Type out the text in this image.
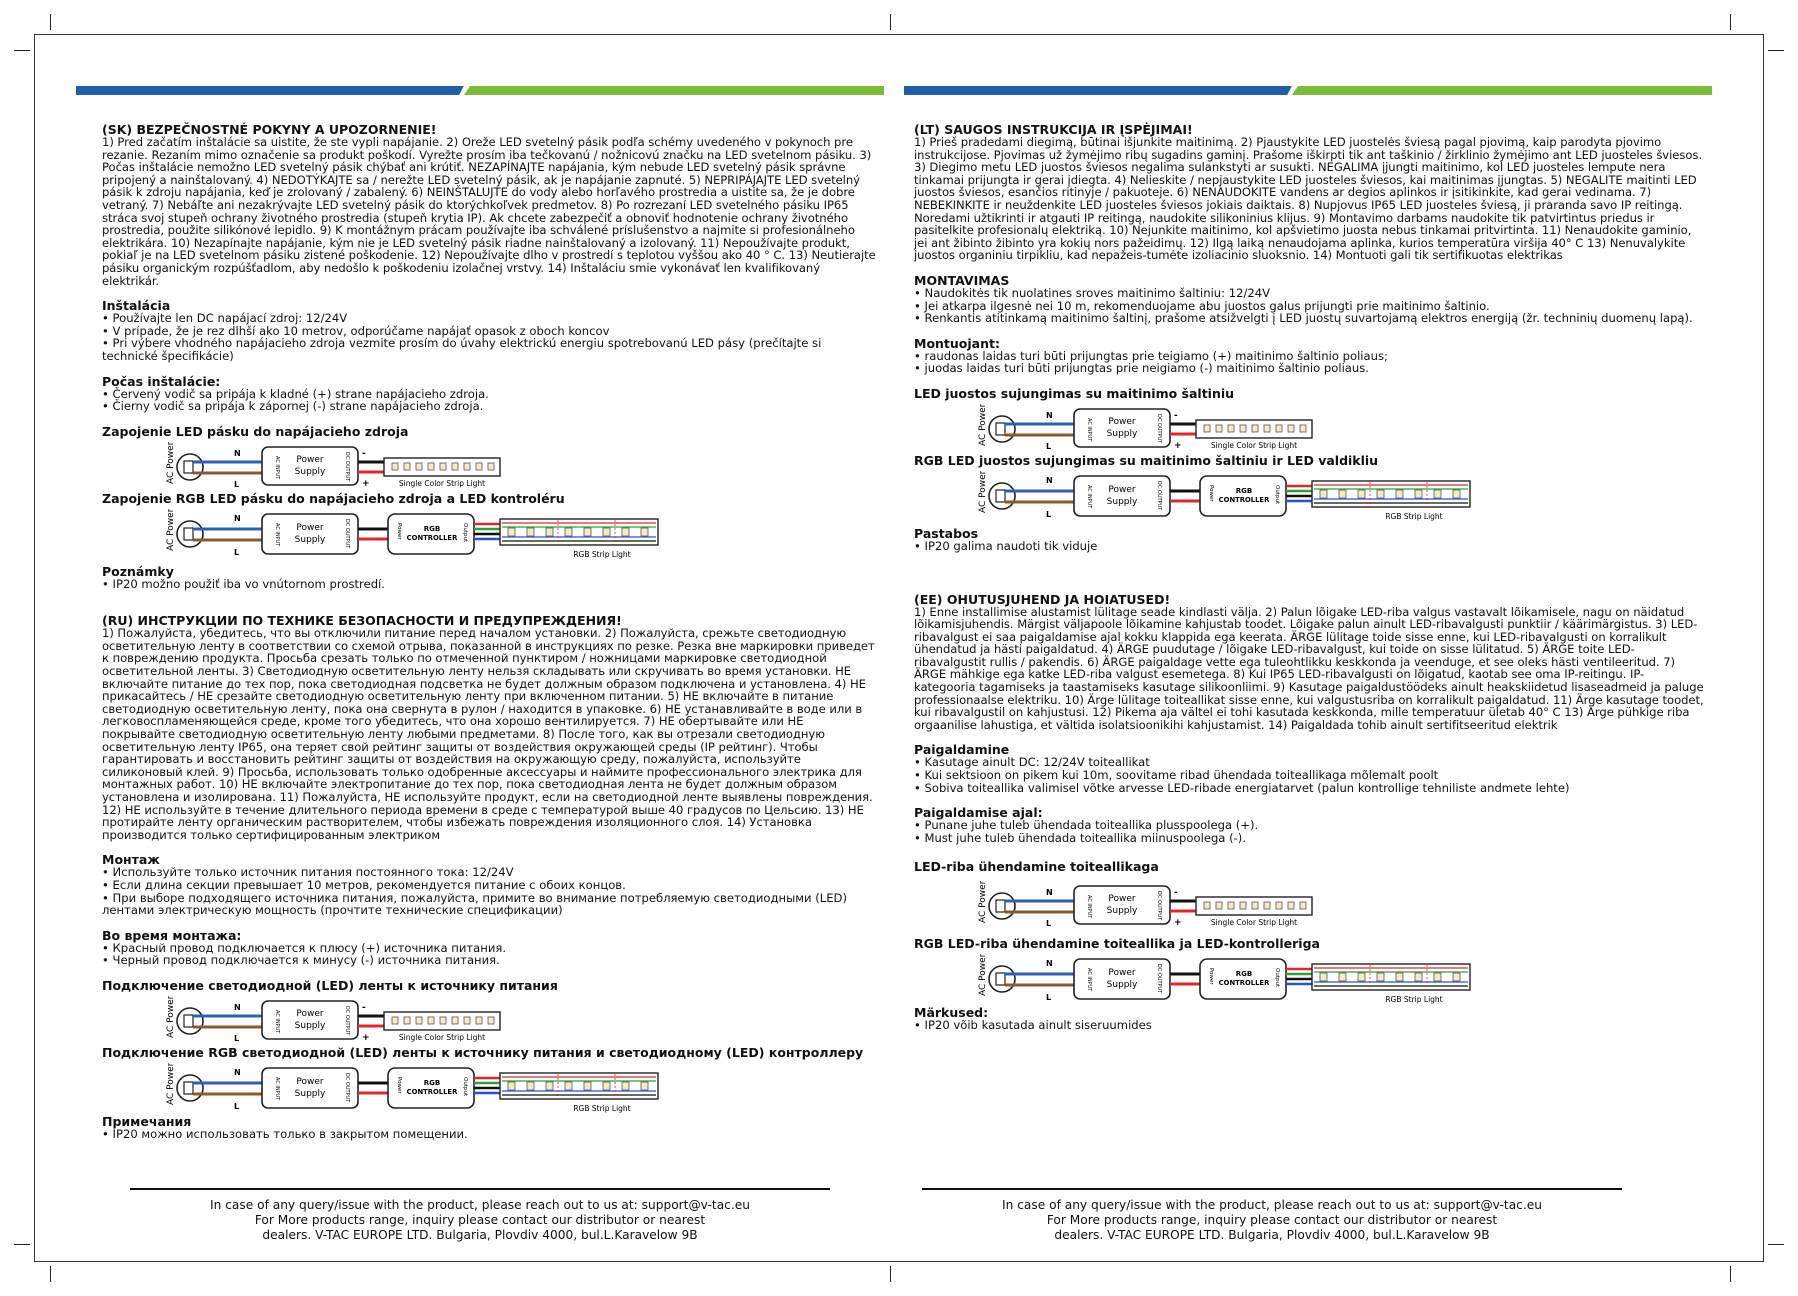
(SK) BEZPEČNOSTNÉ POKYNY A UPOZORNENIE!

1) Pred začatím inštalácie sa uistite, že ste vypli napájanie. 2) Oreže LED svetelný pásik podľa schémy uvedeného v pokynoch pre rezanie. Rezaním mimo označenie sa produkt poškodí. Vyrežte prosím iba tečkovanú / nožnicovú značku na LED svetelnom pásiku. 3) Počas inštalácie nemožno LED svetelný pásik chýbať ani krútiť. NEZAPÍNAJTE napájania, kým nebude LED svetelný pásik správne pripojený a nainštalovaný. 4) NEDOTÝKAJTE sa / nerežte LED svetelný pásik, ak je napájanie zapnuté. 5) NEPRIPÁJAJTE LED svetelný pásik k zdroju napájania, keď je zrolovaný / zabalený. 6) NEINŠTALUJTE do vody alebo horľavého prostredia a uistite sa, že je dobre vetraný. 7) Nebáľte ani nezakrývajte LED svetelný pásik do ktorýchkoľvek predmetov. 8) Po rozrezaní LED svetelného pásiku IP65 stráca svoj stupeň ochrany životného prostredia (stupeň krytia IP). Ak chcete zabezpečiť a obnoviť hodnotenie ochrany životného prostredia, použite silikónové lepidlo. 9) K montážnym prácam používajte iba schválené príslušenstvo a najmite si profesionálneho elektrikára. 10) Nezapínajte napájanie, kým nie je LED svetelný pásik riadne nainštalovaný a izolovaný. 11) Nepoužívajte produkt, pokiaľ je na LED svetelnom pásiku zistené poškodenie. 12) Nepoužívajte dlho v prostredí s teplotou vyššou ako 40 ° C. 13) Neutierajte pásiku organickým rozpúšťadlom, aby nedošlo k poškodeniu izolačnej vrstvy. 14) Inštaláciu smie vykonávať len kvalifikovaný elektrikár.

Inštalácia
• Používajte len DC napájací zdroj: 12/24V
• V prípade, že je rez dlhší ako 10 metrov, odporúčame napájať opasok z oboch koncov
• Pri výbere vhodného napájacieho zdroja vezmite prosím do úvahy elektrickú energiu spotrebovanú LED pásy (prečítajte si technické špecifikácie)
Počas inštalácie:
• Červený vodič sa pripája k kladné (+) strane napájacieho zdroja.
• Čierny vodič sa pripája k zápornej (-) strane napájacieho zdroja.
Zapojenie LED pásku do napájacieho zdroja
AC Power	N
L
AC INPUT Power
Supply	DC OUTPUT -
+	Single Color Strip Light
Zapojenie RGB LED pásku do napájacieho zdroja a LED kontroléru
AC Power	N
L
AC INPUT Power
Supply	DC OUTPUT	Power	RGB
CONTROLLER Output
RGB Strip Light
Poznámky
• IP20 možno použiť iba vo vnútornom prostredí.
(RU) ИНСТРУКЦИИ ПО ТЕХНИКЕ БЕЗОПАСНОСТИ И ПРЕДУПРЕЖДЕНИЯ!

1) Пожалуйста, убедитесь, что вы отключили питание перед началом установки. 2) Пожалуйста, срежьте светодиодную осветительную ленту в соответствии со схемой отрыва, показанной в инструкциях по резке. Резка вне маркировки приведет к повреждению продукта. Просьба срезать только по отмеченной пунктиром / ножницами маркировке светодиодной осветительной ленты. 3) Светодиодную осветительную ленту нельзя складывать или скручивать во время установки. НЕ включайте питание до тех пор, пока светодиодная подсветка не будет должным образом подключена и установлена. 4) НЕ прикасайтесь / НЕ срезайте светодиодную осветительную ленту при включенном питании. 5) НЕ включайте в питание светодиодную осветительную ленту, пока она свернута в рулон / находится в упаковке. 6) НЕ устанавливайте в воде или в легковоспламеняющейся среде, кроме того убедитесь, что она хорошо вентилируется. 7) НЕ обертывайте или НЕ покрывайте светодиодную осветительную ленту любыми предметами. 8) После того, как вы отрезали светодиодную осветительную ленту IP65, она теряет свой рейтинг защиты от воздействия окружающей среды (IP рейтинг). Чтобы гарантировать и восстановить рейтинг защиты от воздействия на окружающую среду, пожалуйста, используйте силиконовый клей. 9) Просьба, использовать только одобренные аксессуары и наймите профессионального электрика для монтажных работ. 10) НЕ включайте электропитание до тех пор, пока светодиодная лента не будет должным образом установлена и изолирована. 11) Пожалуйста, НЕ используйте продукт, если на светодиодной ленте выявлены повреждения. 12) НЕ используйте в течение длительного периода времени в среде с температурой выше 40 градусов по Цельсию. 13) НЕ протирайте ленту органическим растворителем, чтобы избежать повреждения изоляционного слоя. 14) Установка производится только сертифицированным электриком

Монтаж
• Используйте только источник питания постоянного тока: 12/24V
• Если длина секции превышает 10 метров, рекомендуется питание с обоих концов.
• При выборе подходящего источника питания, пожалуйста, примите во внимание потребляемую светодиодными (LED) лентами электрическую мощность (прочтите технические спецификации)
Во время монтажа:
• Красный провод подключается к плюсу (+) источника питания.
• Черный провод подключается к минусу (-) источника питания.
Подключение светодиодной (LED) ленты к источнику питания
AC Power	N
L
AC INPUT Power
Supply	DC OUTPUT -
+	Single Color Strip Light
Подключение RGB светодиодной (LED) ленты к источнику питания и светодиодному (LED) контроллеру
AC Power	N
L
AC INPUT Power
Supply	DC OUTPUT	Power	RGB
CONTROLLER Output
RGB Strip Light
Примечания
• IP20 можно использовать только в закрытом помещении.
(LT) SAUGOS INSTRUKCIJA IR ĮSPĖJIMAI!

1) Prieš pradedami diegimą, būtinai išjunkite maitinimą. 2) Pjaustykite LED juostelės šviesą pagal pjovimą, kaip parodyta pjovimo instrukcijose. Pjovimas už žymėjimo ribų sugadins gaminį. Prašome iškirpti tik ant taškinio / žirklinio žymėjimo ant LED juosteles šviesos. 3) Diegimo metu LED juostos šviesos negalima sulankstyti ar susukti. NEGALIMA įjungti maitinimo, kol LED juosteles lempute nera tinkamai prijungta ir gerai įdiegta. 4) Nelieskite / nepjaustykite LED juosteles šviesos, kai maitinimas įjungtas. 5) NEGALITE maitinti LED juostos šviesos, esančios ritinyje / pakuoteje. 6) NENAUDOKITE vandens ar degios aplinkos ir įsitikinkite, kad gerai vedinama. 7) NEBEKINKITE ir neuždenkite LED juosteles šviesos jokiais daiktais. 8) Nupjovus IP65 LED juosteles šviesą, ji praranda savo IP reitingą. Noredami užtikrinti ir atgauti IP reitingą, naudokite silikoninius klijus. 9) Montavimo darbams naudokite tik patvirtintus priedus ir pasitelkite profesionalų elektriką. 10) Nejunkite maitinimo, kol apšvietimo juosta nebus tinkamai pritvirtinta. 11) Nenaudokite gaminio, jei ant žibinto žibinto yra kokių nors pažeidimų. 12) Ilgą laiką nenaudojama aplinka, kurios temperatūra viršija 40° C 13) Nenuvalykite juostos organiniu tirpikliu, kad nepažeis-tumėte izoliacinio sluoksnio. 14) Montuoti gali tik sertifikuotas elektrikas

MONTAVIMAS
• Naudokitės tik nuolatines sroves maitinimo šaltiniu: 12/24V
• Jei atkarpa ilgesnė nei 10 m, rekomenduojame abu juostos galus prijungti prie maitinimo šaltinio.
• Renkantis atitinkamą maitinimo šaltinį, prašome atsižvelgti į LED juostų suvartojamą elektros energiją (žr. techninių duomenų lapą).
Montuojant:
• raudonas laidas turi būti prijungtas prie teigiamo (+) maitinimo šaltinio poliaus;
• juodas laidas turi būti prijungtas prie neigiamo (-) maitinimo šaltinio poliaus.
LED juostos sujungimas su maitinimo šaltiniu
AC Power	N
L
AC INPUT Power
Supply	DC OUTPUT -
+	Single Color Strip Light
RGB LED juostos sujungimas su maitinimo šaltiniu ir LED valdikliu
AC Power	N
L
AC INPUT Power
Supply	DC OUTPUT	Power	RGB
CONTROLLER Output
RGB Strip Light
Pastabos
• IP20 galima naudoti tik viduje
(EE) OHUTUSJUHEND JA HOIATUSED!

1) Enne installimise alustamist lülitage seade kindlasti välja. 2) Palun lõigake LED-riba valgus vastavalt lõikamisele, nagu on näidatud lõikamisjuhendis. Märgist väljapoole lõikamine kahjustab toodet. Lõigake palun ainult LED-ribavalgusti punktiir / käärimärgistus. 3) LED-ribavalgust ei saa paigaldamise ajal kokku klappida ega keerata. ÄRGE lülitage toide sisse enne, kui LED-ribavalgusti on korralikult ühendatud ja hästi paigaldatud. 4) ÄRGE puudutage / lõigake LED-ribavalgust, kui toide on sisse lülitatud. 5) ÄRGE toite LED-ribavalgustit rullis / pakendis. 6) ÄRGE paigaldage vette ega tuleohtlikku keskkonda ja veenduge, et see oleks hästi ventileeritud. 7) ÄRGE mähkige ega katke LED-riba valgust esemetega. 8) Kui IP65 LED-ribavalgusti on lõigatud, kaotab see oma IP-reitingu. IP-kategooria tagamiseks ja taastamiseks kasutage silikoonliimi. 9) Kasutage paigaldustöödeks ainult heakskiidetud lisaseadmeid ja paluge professionaalse elektriku. 10) Ärge lülitage toiteallikat sisse enne, kui valgustusriba on korralikult paigaldatud. 11) Ärge kasutage toodet, kui ribavalgustil on kahjustusi. 12) Pikema aja vältel ei tohi kasutada keskkonda, mille temperatuur ületab 40° C 13) Ärge pühkige riba orgaanilise lahustiga, et vältida isolatsioonikihi kahjustamist. 14) Paigaldada tohib ainult sertifitseeritud elektrik

Paigaldamine
• Kasutage ainult DC: 12/24V toiteallikat
• Kui sektsioon on pikem kui 10m, soovitame ribad ühendada toiteallikaga mõlemalt poolt
• Sobiva toiteallika valimisel võtke arvesse LED-ribade energiatarvet (palun kontrollige tehniliste andmete lehte)
Paigaldamise ajal:
• Punane juhe tuleb ühendada toiteallika plusspoolega (+).
• Must juhe tuleb ühendada toiteallika miinuspoolega (-).
LED-riba ühendamine toiteallikaga
AC Power	N
L
AC INPUT Power
Supply	DC OUTPUT -
+	Single Color Strip Light
RGB LED-riba ühendamine toiteallika ja LED-kontrolleriga
AC Power	N
L
AC INPUT Power
Supply	DC OUTPUT	Power	RGB
CONTROLLER Output
RGB Strip Light
Märkused:
• IP20 võib kasutada ainult siseruumides
In case of any query/issue with the product, please reach out to us at: support@v-tac.eu
For More products range, inquiry please contact our distributor or nearest
dealers. V-TAC EUROPE LTD. Bulgaria, Plovdiv 4000, bul.L.Karavelow 9B
In case of any query/issue with the product, please reach out to us at: support@v-tac.eu
For More products range, inquiry please contact our distributor or nearest
dealers. V-TAC EUROPE LTD. Bulgaria, Plovdiv 4000, bul.L.Karavelow 9B
